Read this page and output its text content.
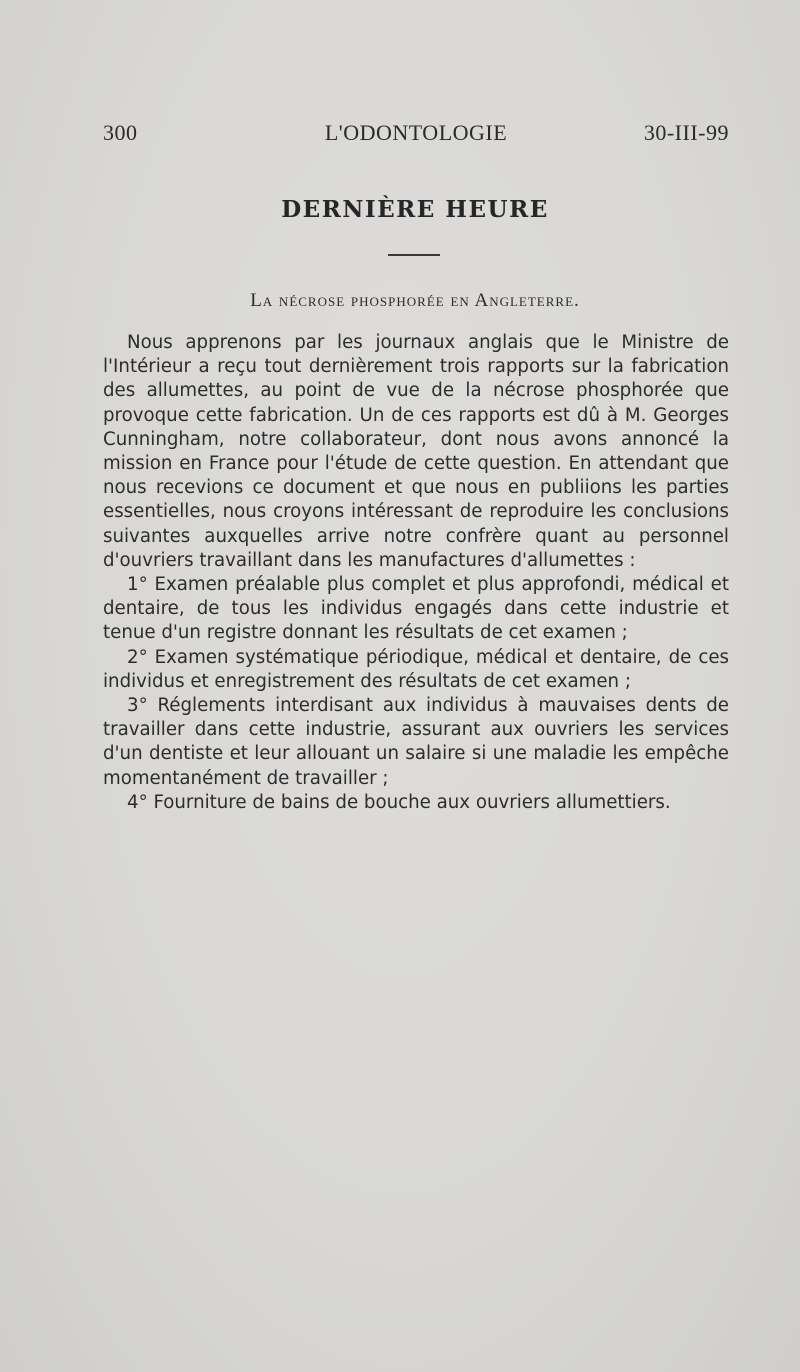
300	L'ODONTOLOGIE	30-III-99
DERNIÈRE HEURE
La nécrose phosphorée en Angleterre.

Nous apprenons par les journaux anglais que le Ministre de l'Intérieur a reçu tout dernièrement trois rapports sur la fabrication des allumettes, au point de vue de la nécrose phosphorée que provoque cette fabrication. Un de ces rapports est dû à M. Georges Cunningham, notre collaborateur, dont nous avons annoncé la mission en France pour l'étude de cette question. En attendant que nous recevions ce document et que nous en publiions les parties essentielles, nous croyons intéressant de reproduire les conclusions suivantes auxquelles arrive notre confrère quant au personnel d'ouvriers travaillant dans les manufactures d'allumettes :

1° Examen préalable plus complet et plus approfondi, médical et dentaire, de tous les individus engagés dans cette industrie et tenue d'un registre donnant les résultats de cet examen ;

2° Examen systématique périodique, médical et dentaire, de ces individus et enregistrement des résultats de cet examen ;

3° Réglements interdisant aux individus à mauvaises dents de travailler dans cette industrie, assurant aux ouvriers les services d'un dentiste et leur allouant un salaire si une maladie les empêche momentanément de travailler ;

4° Fourniture de bains de bouche aux ouvriers allumettiers.
